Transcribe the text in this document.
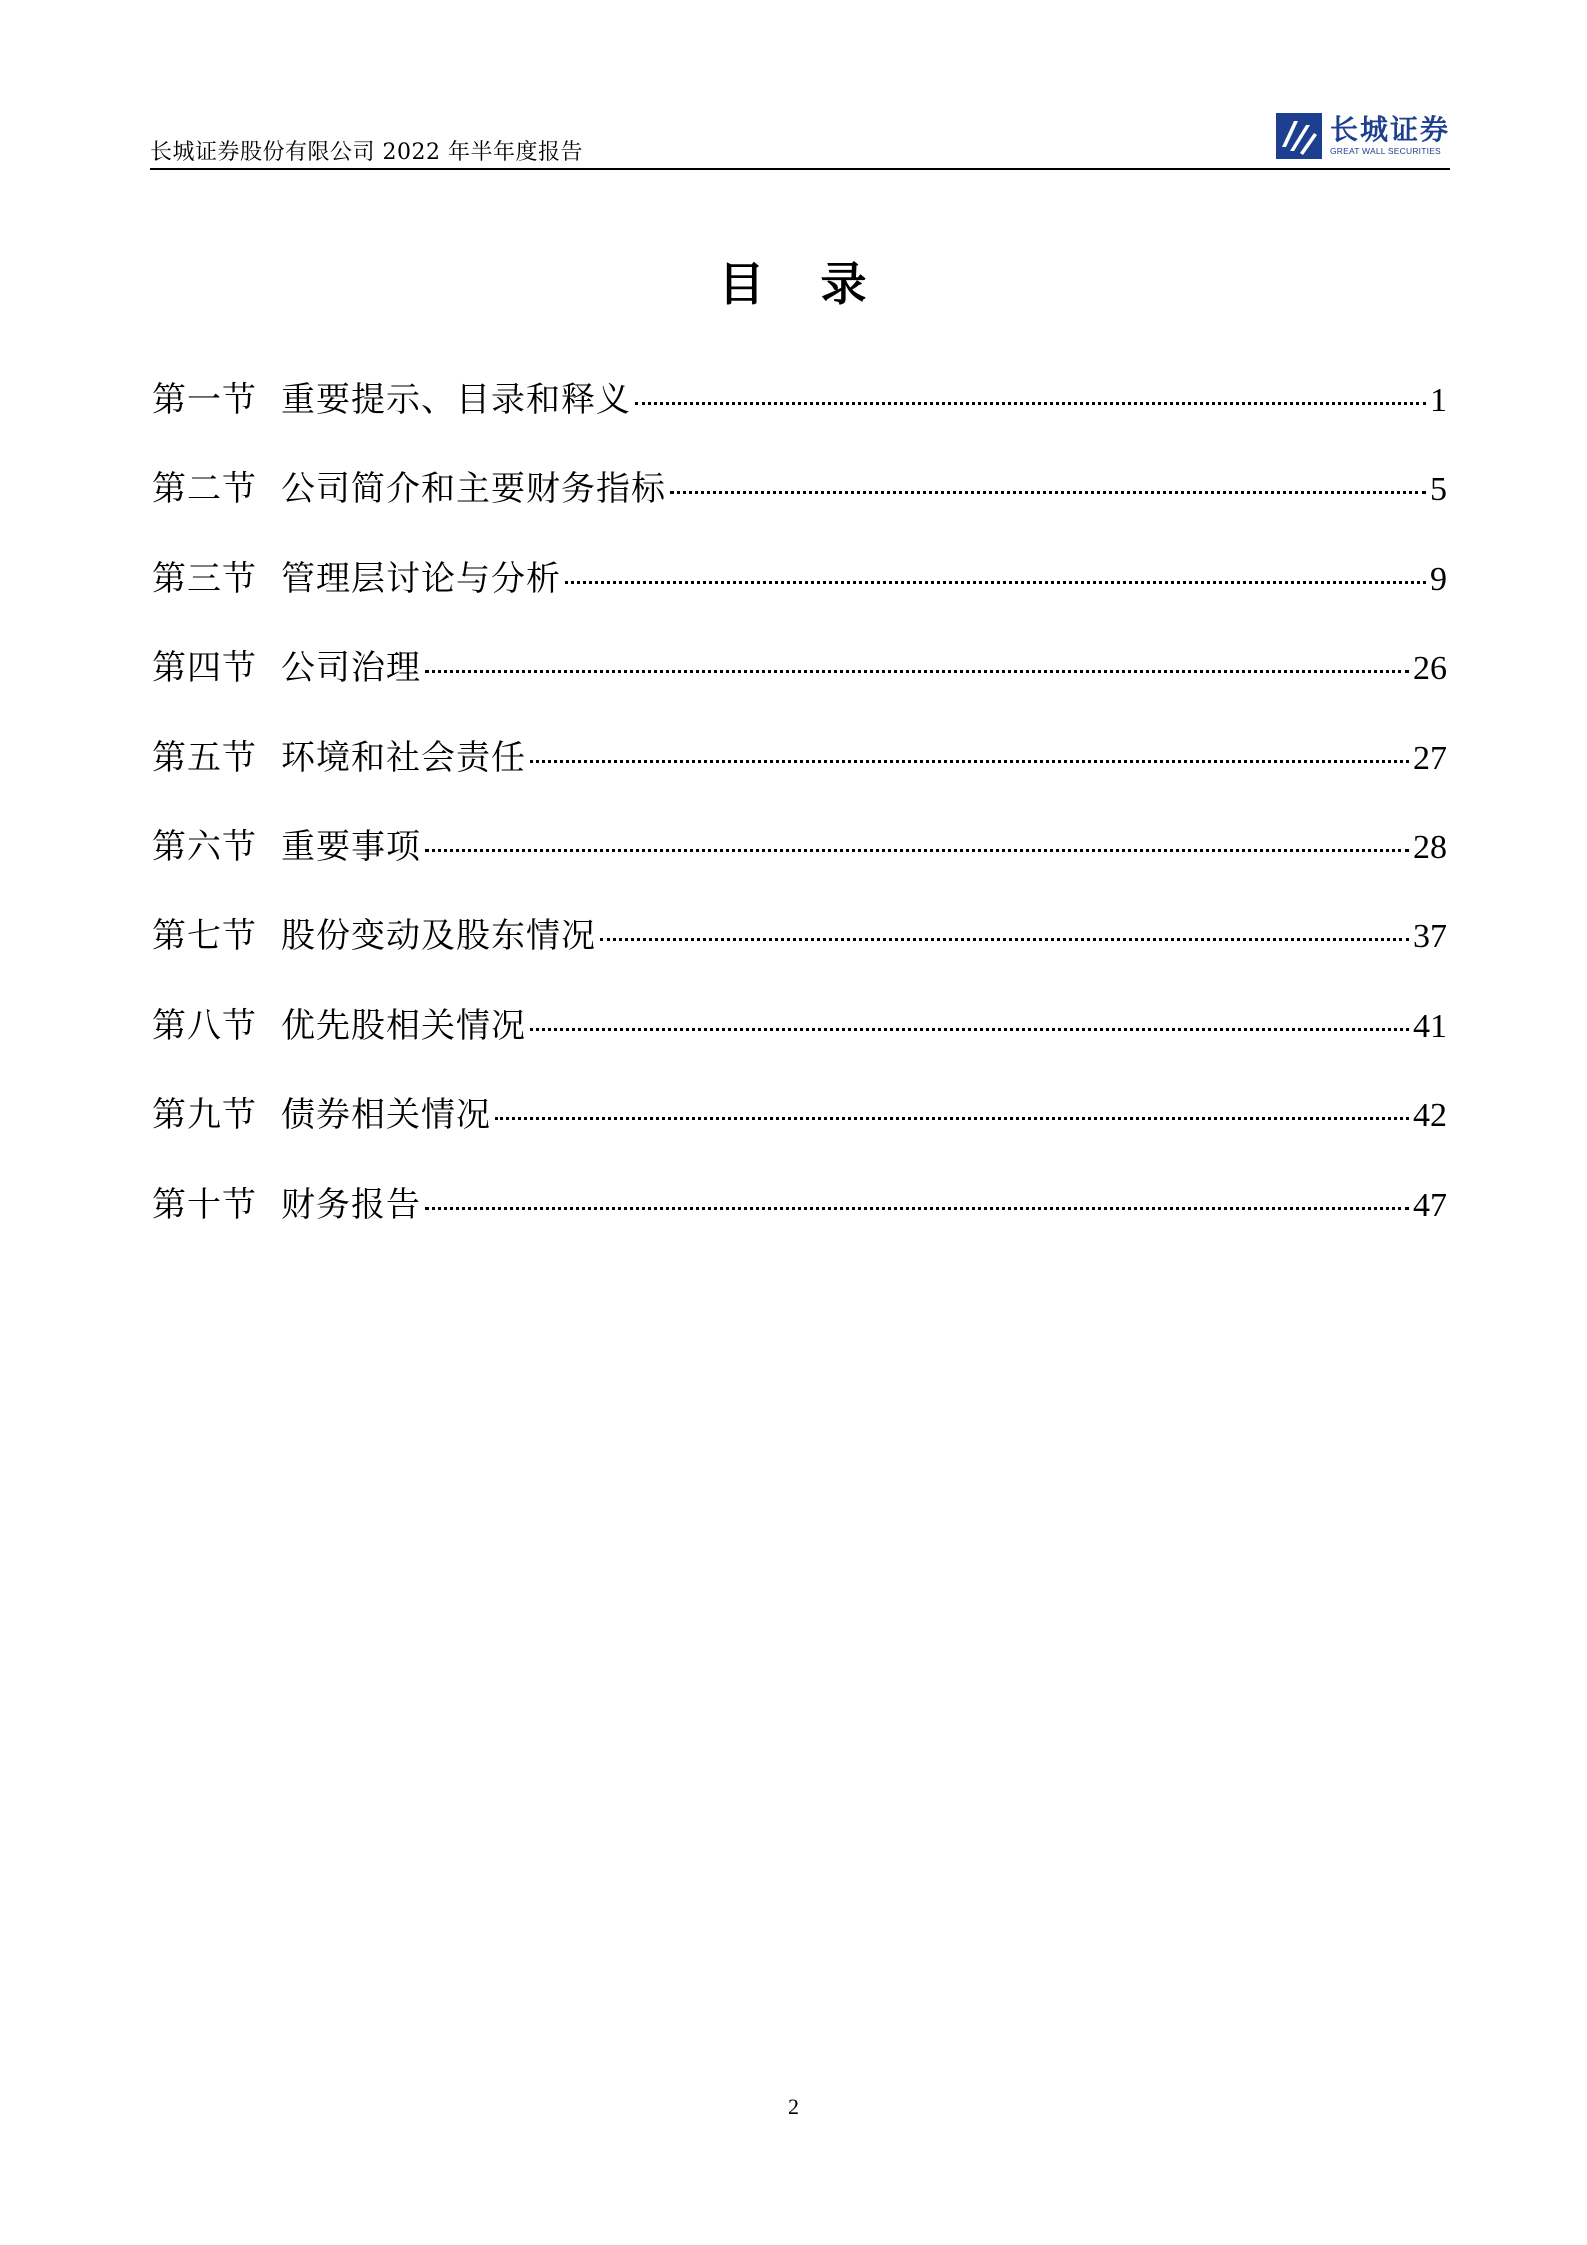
长城证券股份有限公司 2022 年半年度报告
长城证券
GREAT WALL SECURITIES
目 录
第一节 重要提示、目录和释义	1
第二节 公司简介和主要财务指标	5
第三节 管理层讨论与分析	9
第四节 公司治理	26
第五节 环境和社会责任	27
第六节 重要事项	28
第七节 股份变动及股东情况	37
第八节 优先股相关情况	41
第九节 债券相关情况	42
第十节 财务报告	47
2
